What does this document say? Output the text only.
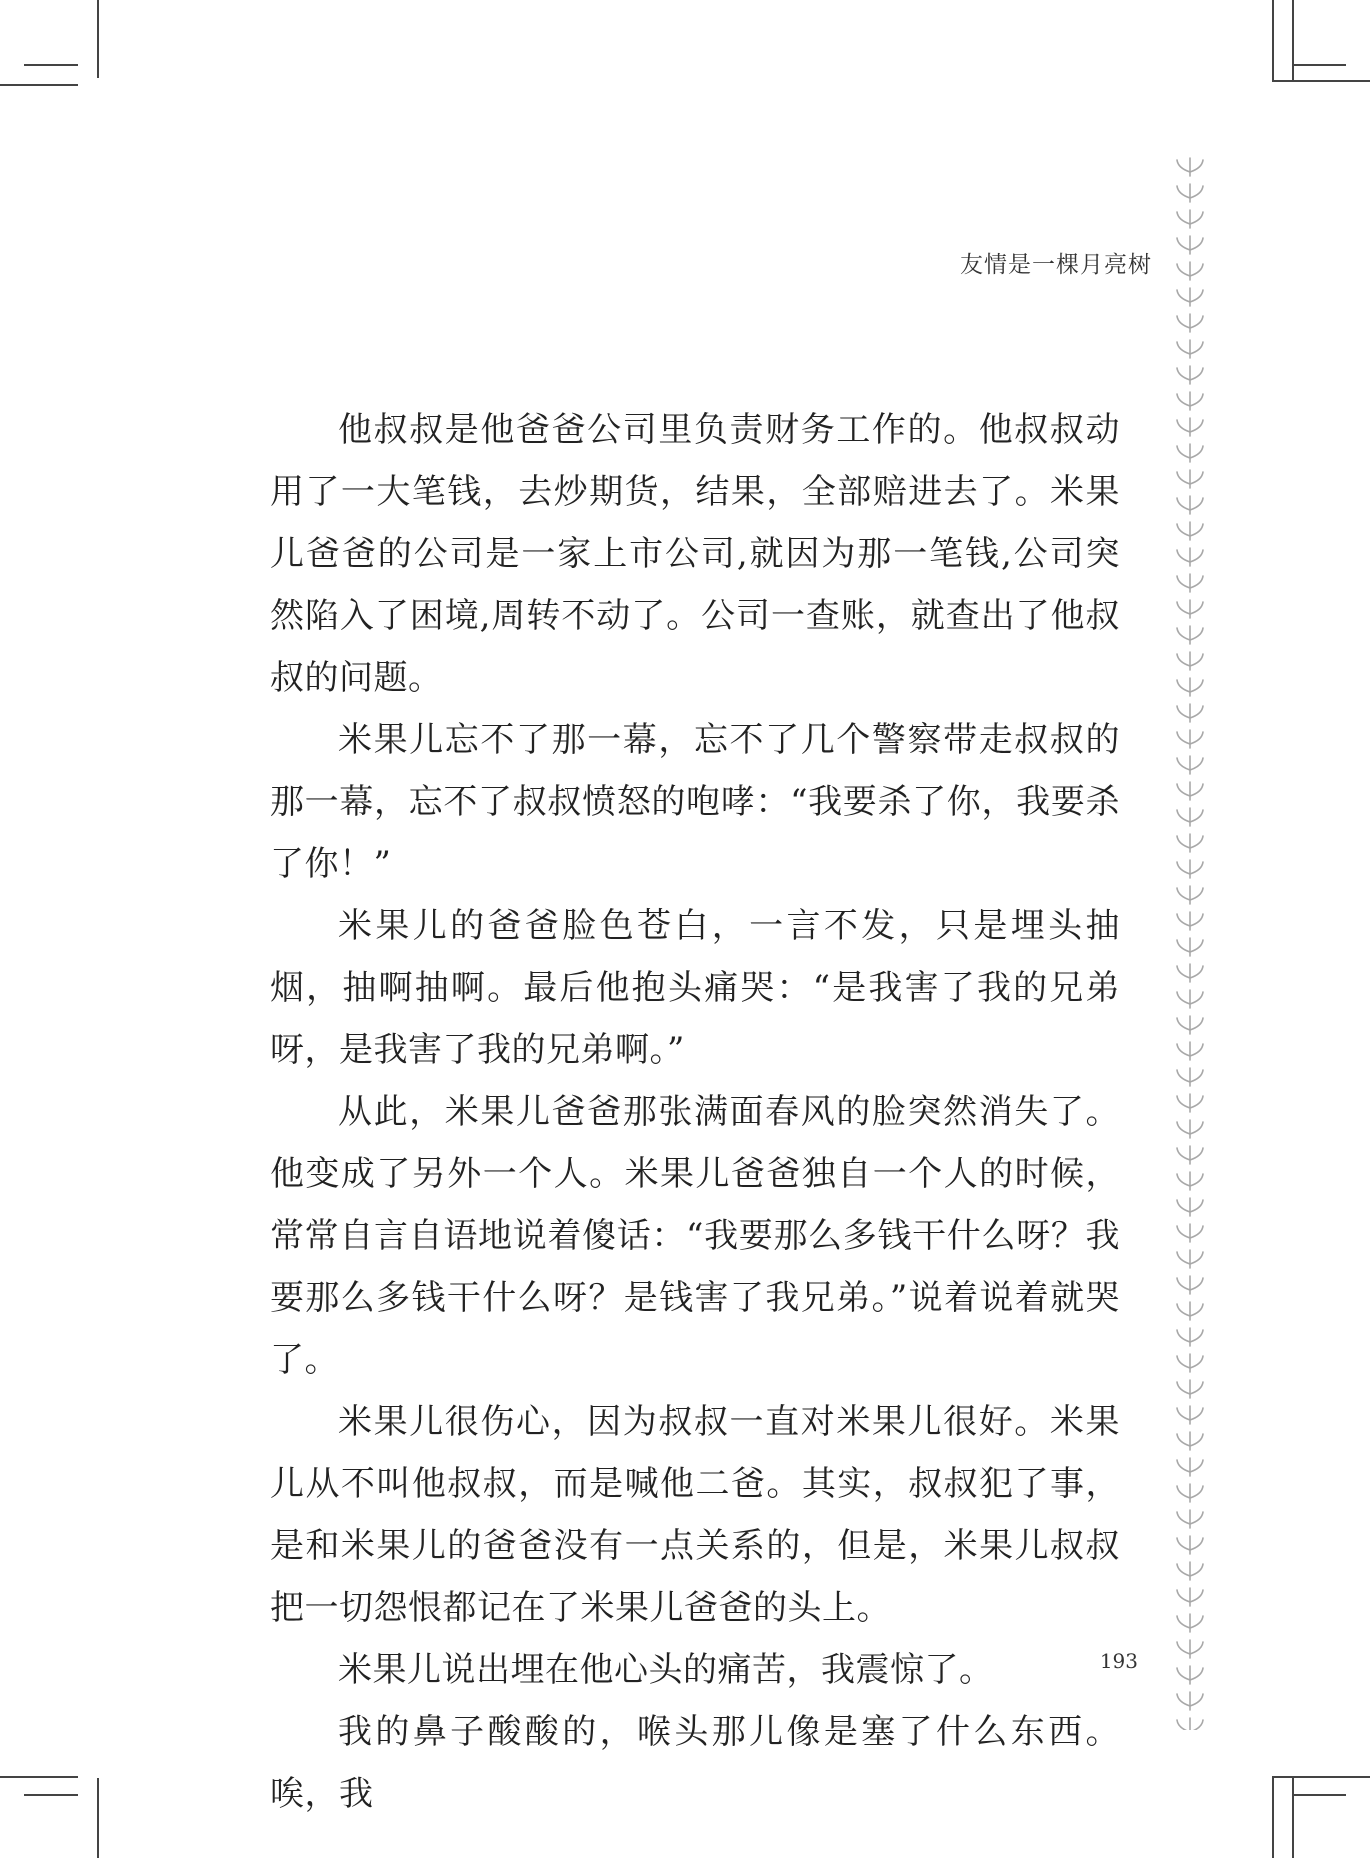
友情是一棵月亮树

他叔叔是他爸爸公司里负责财务工作的。他叔叔动用了一大笔钱，去炒期货，结果，全部赔进去了。米果儿爸爸的公司是一家上市公司,就因为那一笔钱,公司突然陷入了困境,周转不动了。公司一查账，就查出了他叔叔的问题。

米果儿忘不了那一幕，忘不了几个警察带走叔叔的那一幕，忘不了叔叔愤怒的咆哮：“我要杀了你，我要杀了你！”

米果儿的爸爸脸色苍白，一言不发，只是埋头抽烟，抽啊抽啊。最后他抱头痛哭：“是我害了我的兄弟呀，是我害了我的兄弟啊。”

从此，米果儿爸爸那张满面春风的脸突然消失了。他变成了另外一个人。米果儿爸爸独自一个人的时候，常常自言自语地说着傻话：“我要那么多钱干什么呀？我要那么多钱干什么呀？是钱害了我兄弟。”说着说着就哭了。

米果儿很伤心，因为叔叔一直对米果儿很好。米果儿从不叫他叔叔，而是喊他二爸。其实，叔叔犯了事，是和米果儿的爸爸没有一点关系的，但是，米果儿叔叔把一切怨恨都记在了米果儿爸爸的头上。

米果儿说出埋在他心头的痛苦，我震惊了。

我的鼻子酸酸的，喉头那儿像是塞了什么东西。唉，我

193
